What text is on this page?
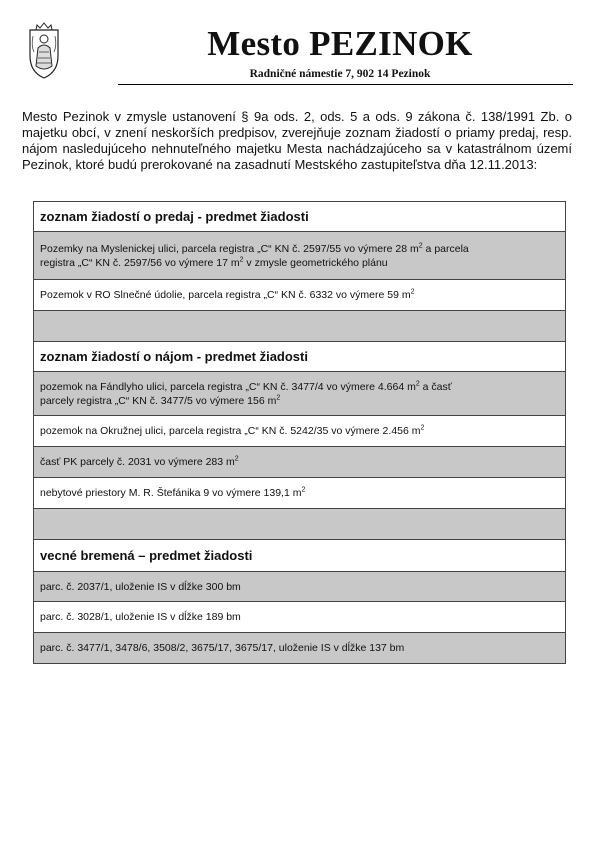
Mesto PEZINOK
Radničné námestie 7, 902 14 Pezinok

Mesto Pezinok v zmysle ustanovení § 9a ods. 2, ods. 5 a ods. 9 zákona č. 138/1991 Zb. o majetku obcí, v znení neskorších predpisov, zverejňuje zoznam žiadostí o priamy predaj, resp. nájom nasledujúceho nehnuteľného majetku Mesta nachádzajúceho sa v katastrálnom území Pezinok, ktoré budú prerokované na zasadnutí Mestského zastupiteľstva dňa 12.11.2013:

zoznam žiadostí o predaj - predmet žiadosti
Pozemky na Myslenickej ulici, parcela registra „C“ KN č. 2597/55 vo výmere 28 $m^2$ a parcela
registra „C“ KN č. 2597/56 vo výmere 17 $m^2$ v zmysle geometrického plánu
Pozemok v RO Slnečné údolie, parcela registra „C“ KN č. 6332 vo výmere 59 $m^2$
zoznam žiadostí o nájom - predmet žiadosti
pozemok na Fándlyho ulici, parcela registra „C“ KN č. 3477/4 vo výmere 4.664 $m^2$ a časť
parcely registra „C“ KN č. 3477/5 vo výmere 156 $m^2$
pozemok na Okružnej ulici, parcela registra „C“ KN č. 5242/35 vo výmere 2.456 $m^2$
časť PK parcely č. 2031 vo výmere 283 $m^2$
nebytové priestory M. R. Štefánika 9 vo výmere 139,1 $m^2$
vecné bremená – predmet žiadosti
parc. č. 2037/1, uloženie IS v dĺžke 300 bm
parc. č. 3028/1, uloženie IS v dĺžke 189 bm
parc. č. 3477/1, 3478/6, 3508/2, 3675/17, 3675/17, uloženie IS v dĺžke 137 bm
